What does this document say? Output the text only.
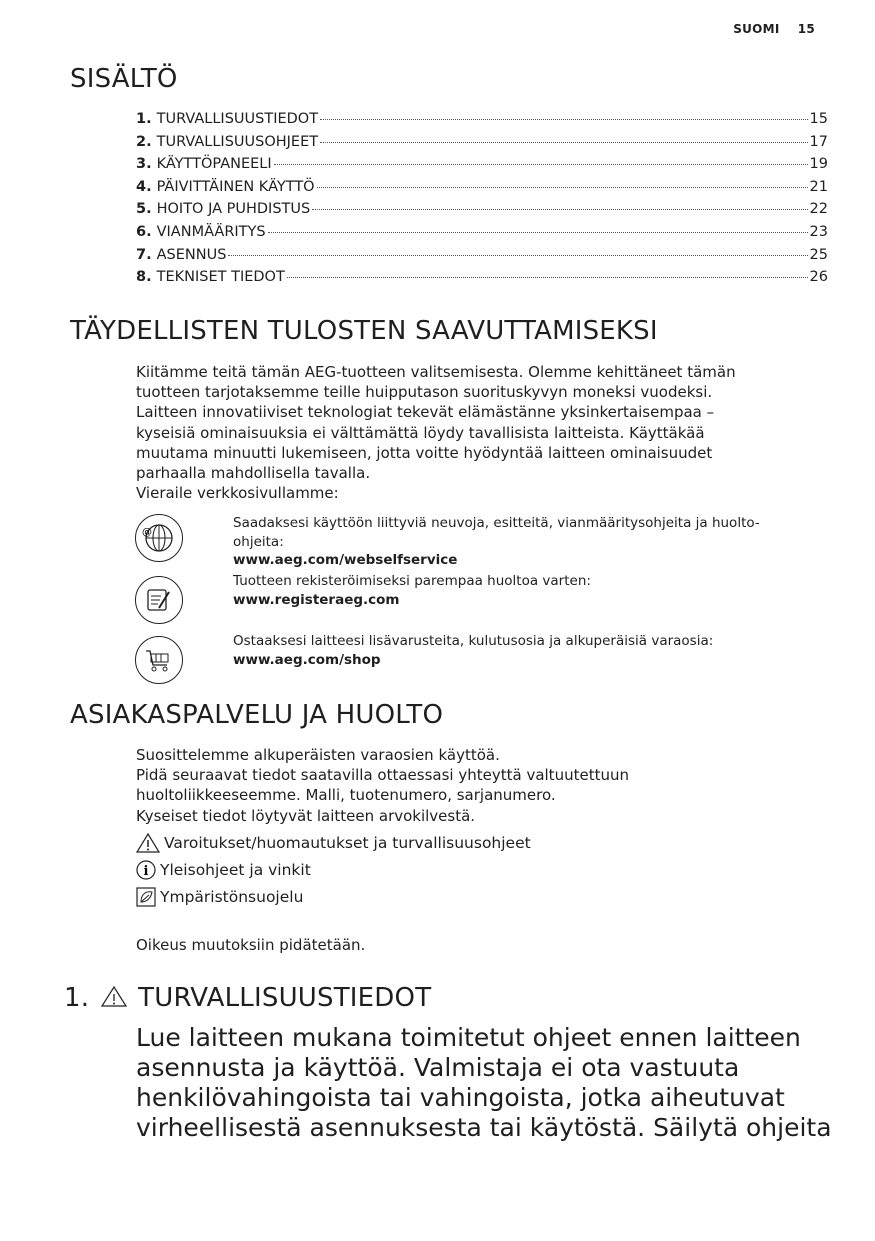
SUOMI 15
SISÄLTÖ
1. TURVALLISUUSTIEDOT	15
2. TURVALLISUUSOHJEET	17
3. KÄYTTÖPANEELI	19
4. PÄIVITTÄINEN KÄYTTÖ	21
5. HOITO JA PUHDISTUS	22
6. VIANMÄÄRITYS	23
7. ASENNUS	25
8. TEKNISET TIEDOT	26
TÄYDELLISTEN TULOSTEN SAAVUTTAMISEKSI
Kiitämme teitä tämän AEG-tuotteen valitsemisesta. Olemme kehittäneet tämän
tuotteen tarjotaksemme teille huipputason suorituskyvyn moneksi vuodeksi.
Laitteen innovatiiviset teknologiat tekevät elämästänne yksinkertaisempaa –
kyseisiä ominaisuuksia ei välttämättä löydy tavallisista laitteista. Käyttäkää
muutama minuutti lukemiseen, jotta voitte hyödyntää laitteen ominaisuudet
parhaalla mahdollisella tavalla.
Vieraile verkkosivullamme:
@
Saadaksesi käyttöön liittyviä neuvoja, esitteitä, vianmääritysohjeita ja huolto-
ohjeita:
www.aeg.com/webselfservice
Tuotteen rekisteröimiseksi parempaa huoltoa varten:
www.registeraeg.com
Ostaaksesi laitteesi lisävarusteita, kulutusosia ja alkuperäisiä varaosia:
www.aeg.com/shop
ASIAKASPALVELU JA HUOLTO
Suosittelemme alkuperäisten varaosien käyttöä.
Pidä seuraavat tiedot saatavilla ottaessasi yhteyttä valtuutettuun
huoltoliikkeeseemme. Malli, tuotenumero, sarjanumero.
Kyseiset tiedot löytyvät laitteen arvokilvestä.
Varoitukset/huomautukset ja turvallisuusohjeet
i Yleisohjeet ja vinkit
Ympäristönsuojelu
Oikeus muutoksiin pidätetään.
1. TURVALLISUUSTIEDOT
Lue laitteen mukana toimitetut ohjeet ennen laitteen
asennusta ja käyttöä. Valmistaja ei ota vastuuta
henkilövahingoista tai vahingoista, jotka aiheutuvat
virheellisestä asennuksesta tai käytöstä. Säilytä ohjeita
